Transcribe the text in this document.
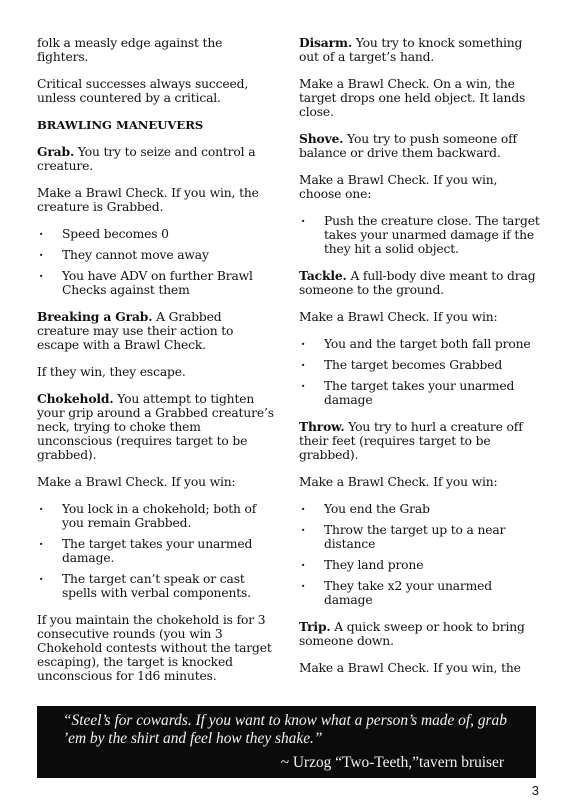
folk a measly edge against the fighters.

Critical successes always succeed, unless countered by a critical.

BRAWLING MANEUVERS

Grab. You try to seize and control a creature.

Make a Brawl Check. If you win, the creature is Grabbed.

· Speed becomes 0
· They cannot move away
· You have ADV on further Brawl Checks against them

Breaking a Grab. A Grabbed creature may use their action to escape with a Brawl Check.

If they win, they escape.

Chokehold. You attempt to tighten your grip around a Grabbed creature’s neck, trying to choke them unconscious (requires target to be grabbed).

Make a Brawl Check. If you win:

· You lock in a chokehold; both of you remain Grabbed.
· The target takes your unarmed damage.
· The target can’t speak or cast spells with verbal components.

If you maintain the chokehold is for 3 consecutive rounds (you win 3 Chokehold contests without the target escaping), the target is knocked unconscious for 1d6 minutes.

Disarm. You try to knock something out of a target’s hand.

Make a Brawl Check. On a win, the target drops one held object. It lands close.

Shove. You try to push someone off balance or drive them backward.

Make a Brawl Check. If you win, choose one:

· Push the creature close. The target takes your unarmed damage if the they hit a solid object.

Tackle. A full-body dive meant to drag someone to the ground.

Make a Brawl Check. If you win:

· You and the target both fall prone
· The target becomes Grabbed
· The target takes your unarmed damage

Throw. You try to hurl a creature off their feet (requires target to be grabbed).

Make a Brawl Check. If you win:

· You end the Grab
· Throw the target up to a near distance
· They land prone
· They take x2 your unarmed damage

Trip. A quick sweep or hook to bring someone down.

Make a Brawl Check. If you win, the

“Steel’s for cowards. If you want to know what a person’s made of, grab ’em by the shirt and feel how they shake.”

~ Urzog “Two-Teeth,”tavern bruiser

3
